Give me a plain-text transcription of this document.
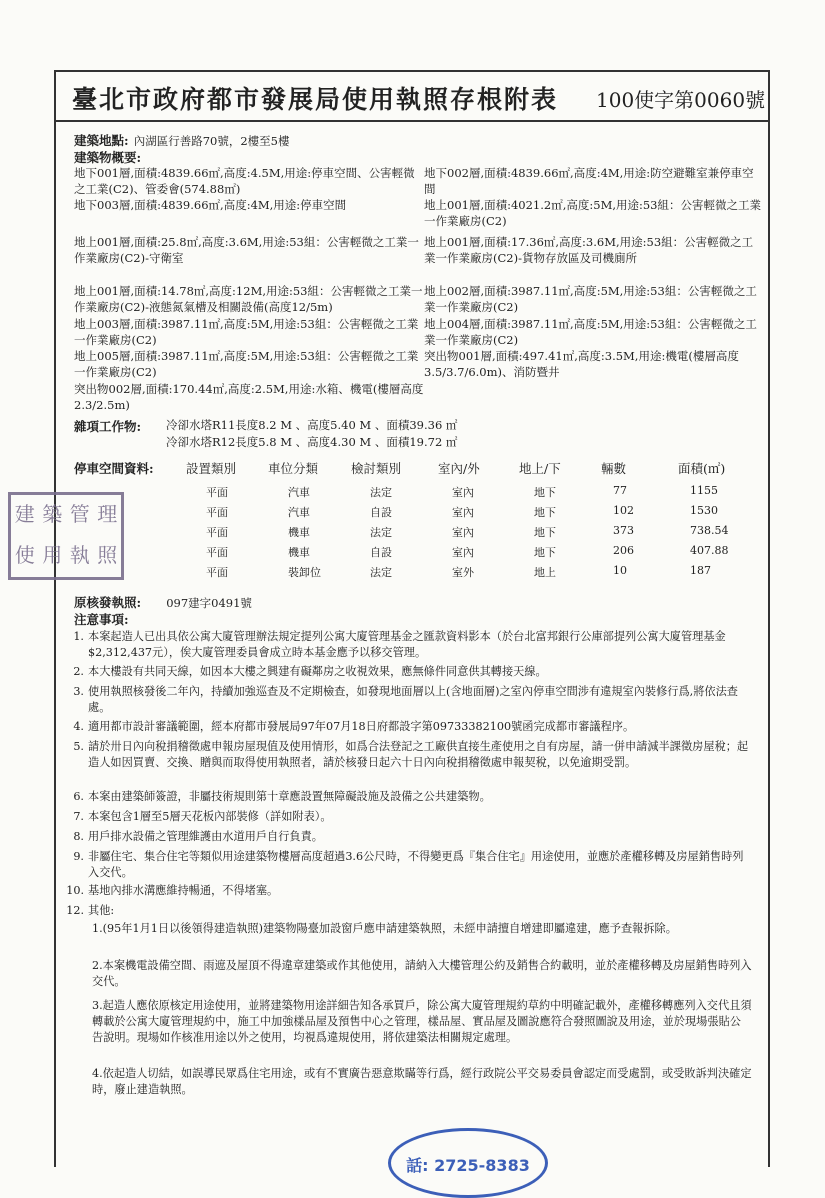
臺北市政府都市發展局使用執照存根附表 100使字第0060號
建築地點: 內湖區行善路70號，2樓至5樓
建築物概要:
地下001層,面積:4839.66㎡,高度:4.5M,用途:停車空間、公害輕微之工業(C2)、管委會(574.88㎡)
地下002層,面積:4839.66㎡,高度:4M,用途:防空避難室兼停車空間
地下003層,面積:4839.66㎡,高度:4M,用途:停車空間	地上001層,面積:4021.2㎡,高度:5M,用途:53組：公害輕微之工業一作業廠房(C2)
地上001層,面積:25.8㎡,高度:3.6M,用途:53組：公害輕微之工業一作業廠房(C2)-守衛室
地上001層,面積:17.36㎡,高度:3.6M,用途:53組：公害輕微之工業一作業廠房(C2)-貨物存放區及司機廁所
地上001層,面積:14.78㎡,高度:12M,用途:53組：公害輕微之工業一作業廠房(C2)-液態氮氣槽及相關設備(高度12/5m)
地上002層,面積:3987.11㎡,高度:5M,用途:53組：公害輕微之工業一作業廠房(C2)
地上003層,面積:3987.11㎡,高度:5M,用途:53組：公害輕微之工業一作業廠房(C2)
地上004層,面積:3987.11㎡,高度:5M,用途:53組：公害輕微之工業一作業廠房(C2)
地上005層,面積:3987.11㎡,高度:5M,用途:53組：公害輕微之工業一作業廠房(C2)
突出物001層,面積:497.41㎡,高度:3.5M,用途:機電(樓層高度3.5/3.7/6.0m)、消防暨井
突出物002層,面積:170.44㎡,高度:2.5M,用途:水箱、機電(樓層高度2.3/2.5m)
雜項工作物: 冷卻水塔R11長度8.2 M 、高度5.40 M 、面積39.36 ㎡
冷卻水塔R12長度5.8 M 、高度4.30 M 、面積19.72 ㎡
停車空間資料:	設置類別	車位分類	檢討類別	室內/外	地上/下	輛數	面積(㎡)
平面	汽車	法定	室內	地下	77	1155
平面	汽車	自設	室內	地下	102	1530
平面	機車	法定	室內	地下	373	738.54
平面	機車	自設	室內	地下	206	407.88
平面	裝卸位	法定	室外	地上	10	187
原核發執照: 097建字0491號
注意事項:
1. 本案起造人已出具依公寓大廈管理辦法規定提列公寓大廈管理基金之匯款資料影本（於台北富邦銀行公庫部提列公寓大廈管理基金$2,312,437元），俟大廈管理委員會成立時本基金應予以移交管理。
2. 本大樓設有共同天線，如因本大樓之興建有礙鄰房之收視效果，應無條件同意供其轉接天線。
3. 使用執照核發後二年內，持續加強巡查及不定期檢查，如發現地面層以上(含地面層)之室內停車空間涉有違規室內裝修行爲,將依法查處。
4. 適用都市設計審議範圍，經本府都市發展局97年07月18日府都設字第09733382100號函完成都市審議程序。
5. 請於卅日內向稅捐稽徵處申報房屋現值及使用情形，如爲合法登記之工廠供直接生產使用之自有房屋，請一併申請減半課徵房屋稅；起造人如因買賣、交換、贈與而取得使用執照者，請於核發日起六十日內向稅捐稽徵處申報契稅，以免逾期受罰。
6. 本案由建築師簽證，非屬技術規則第十章應設置無障礙設施及設備之公共建築物。
7. 本案包含1層至5層天花板內部裝修（詳如附表）。
8. 用戶排水設備之管理維護由水道用戶自行負責。
9. 非屬住宅、集合住宅等類似用途建築物樓層高度超過3.6公尺時，不得變更爲『集合住宅』用途使用，並應於產權移轉及房屋銷售時列入交代。
10. 基地內排水溝應維持暢通，不得堵塞。
12. 其他:
1.(95年1月1日以後領得建造執照)建築物陽臺加設窗戶應申請建築執照，未經申請擅自增建即屬違建，應予查報拆除。
2.本案機電設備空間、雨遮及屋頂不得違章建築或作其他使用，請納入大樓管理公約及銷售合約載明，並於產權移轉及房屋銷售時列入交代。
3.起造人應依原核定用途使用，並將建築物用途詳細告知各承買戶，除公寓大廈管理規約草約中明確記載外，產權移轉應列入交代且須轉載於公寓大廈管理規約中，施工中加強樣品屋及預售中心之管理，樣品屋、實品屋及圖說應符合發照圖說及用途，並於現場張貼公告說明。現場如作核准用途以外之使用，均視爲違規使用，將依建築法相關規定處理。
4.依起造人切結，如誤導民眾爲住宅用途，或有不實廣告惡意欺瞞等行爲，經行政院公平交易委員會認定而受處罰，或受敗訴判決確定時，廢止建造執照。
建 築 管 理
使 用 執 照
話: 2725-8383
